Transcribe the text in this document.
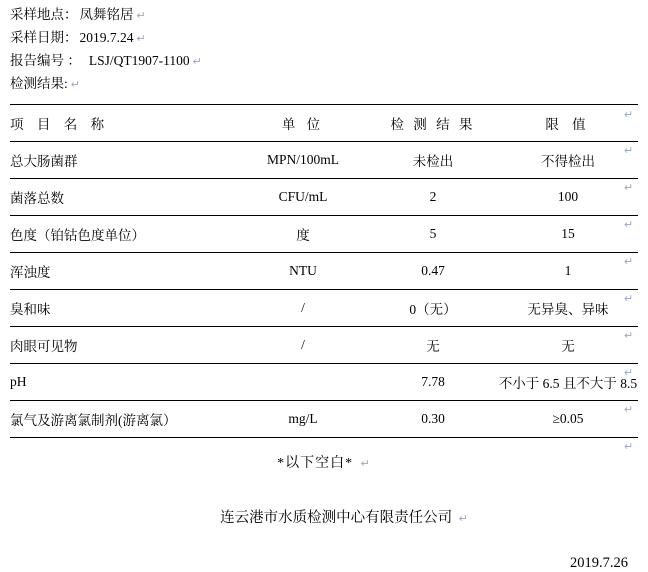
采样地点： 凤舞铭居 ↵
采样日期： 2019.7.24 ↵
报告编号 ： LSJ/QT1907-1100 ↵
检测结果: ↵
项 目 名 称	单 位	检 测 结 果	限 值
总大肠菌群	MPN/100mL	未检出	不得检出
菌落总数	CFU/mL	2	100
色度（铂钴色度单位）	度	5	15
浑浊度	NTU	0.47	1
臭和味	/	0（无）	无异臭、异味
肉眼可见物	/	无	无
pH		7.78	不小于 6.5 且不大于 8.5
氯气及游离氯制剂(游离氯）	mg/L	0.30	≥0.05
↵
↵
↵
↵
↵
↵
↵
↵
↵
↵
*以下空白* ↵
连云港市水质检测中心有限责任公司 ↵
2019.7.26
